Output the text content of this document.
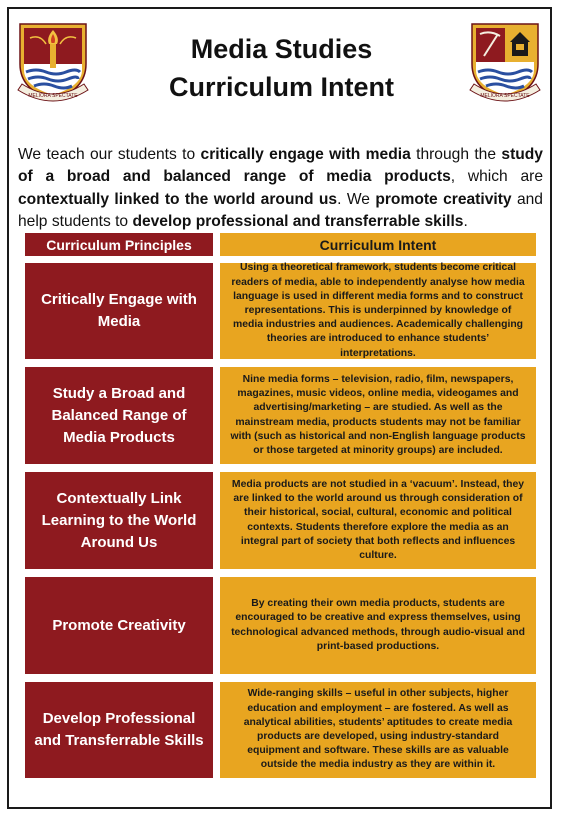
MELIORA SPECTATE	MELIORA SPECTATE
Media Studies
Curriculum Intent

We teach our students to critically engage with media through the study of a broad and balanced range of media products, which are contextually linked to the world around us. We promote creativity and help students to develop professional and transferrable skills.

Curriculum Principles	Curriculum Intent
Critically Engage with Media
Using a theoretical framework, students become critical readers of media, able to independently analyse how media language is used in different media forms and to construct representations. This is underpinned by knowledge of media industries and audiences. Academically challenging theories are introduced to enhance students’ interpretations.
Study a Broad and Balanced Range of Media Products
Nine media forms – television, radio, film, newspapers, magazines, music videos, online media, videogames and advertising/marketing – are studied. As well as the mainstream media, products students may not be familiar with (such as historical and non-English language products or those targeted at minority groups) are included.
Contextually Link Learning to the World Around Us
Media products are not studied in a ‘vacuum’. Instead, they are linked to the world around us through consideration of their historical, social, cultural, economic and political contexts. Students therefore explore the media as an integral part of society that both reflects and influences culture.
Promote Creativity
By creating their own media products, students are encouraged to be creative and express themselves, using technological advanced methods, through audio-visual and print-based productions.
Develop Professional and Transferrable Skills
Wide-ranging skills – useful in other subjects, higher education and employment – are fostered. As well as analytical abilities, students’ aptitudes to create media products are developed, using industry-standard equipment and software. These skills are as valuable outside the media industry as they are within it.
